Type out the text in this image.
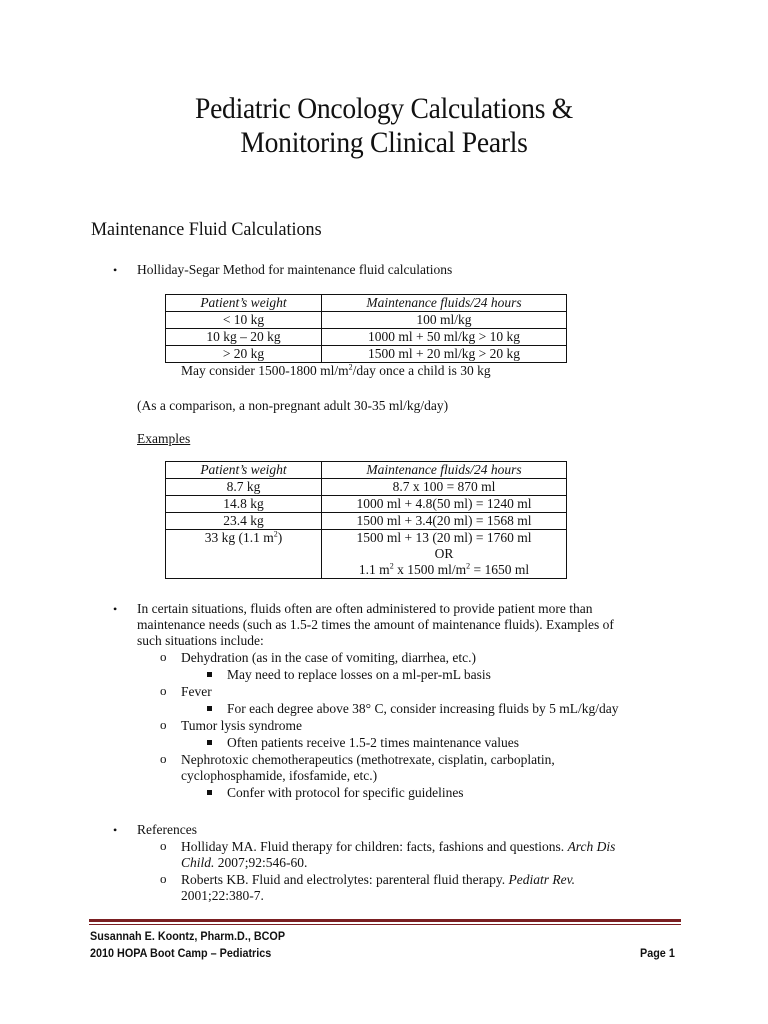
Pediatric Oncology Calculations &
Monitoring Clinical Pearls
Maintenance Fluid Calculations
• Holliday-Segar Method for maintenance fluid calculations
Patient’s weight	Maintenance fluids/24 hours
< 10 kg	100 ml/kg
10 kg – 20 kg	1000 ml + 50 ml/kg > 10 kg
> 20 kg	1500 ml + 20 ml/kg > 20 kg
May consider 1500-1800 $ml/m^2$/day once a child is 30 kg
(As a comparison, a non-pregnant adult 30-35 ml/kg/day)
Examples
Patient’s weight	Maintenance fluids/24 hours
8.7 kg	8.7 x 100 = 870 ml
14.8 kg	1000 ml + 4.8(50 ml) = 1240 ml
23.4 kg	1500 ml + 3.4(20 ml) = 1568 ml
33 kg (1.1 $m^2$)	1500 ml + 13 (20 ml) = 1760 ml
OR
1.1 $m^2$ x 1500 $ml/m^2 = 1650$ ml
• In certain situations, fluids often are often administered to provide patient more than
maintenance needs (such as 1.5-2 times the amount of maintenance fluids). Examples of
such situations include:
o Dehydration (as in the case of vomiting, diarrhea, etc.)
May need to replace losses on a ml-per-mL basis
o Fever
For each degree above 38° C, consider increasing fluids by 5 mL/kg/day
o Tumor lysis syndrome
Often patients receive 1.5-2 times maintenance values
o Nephrotoxic chemotherapeutics (methotrexate, cisplatin, carboplatin,
cyclophosphamide, ifosfamide, etc.)
Confer with protocol for specific guidelines
• References
o Holliday MA. Fluid therapy for children: facts, fashions and questions. Arch Dis
Child. 2007;92:546-60.
o Roberts KB. Fluid and electrolytes: parenteral fluid therapy. Pediatr Rev.
2001;22:380-7.
Susannah E. Koontz, Pharm.D., BCOP
2010 HOPA Boot Camp – Pediatrics	Page 1
